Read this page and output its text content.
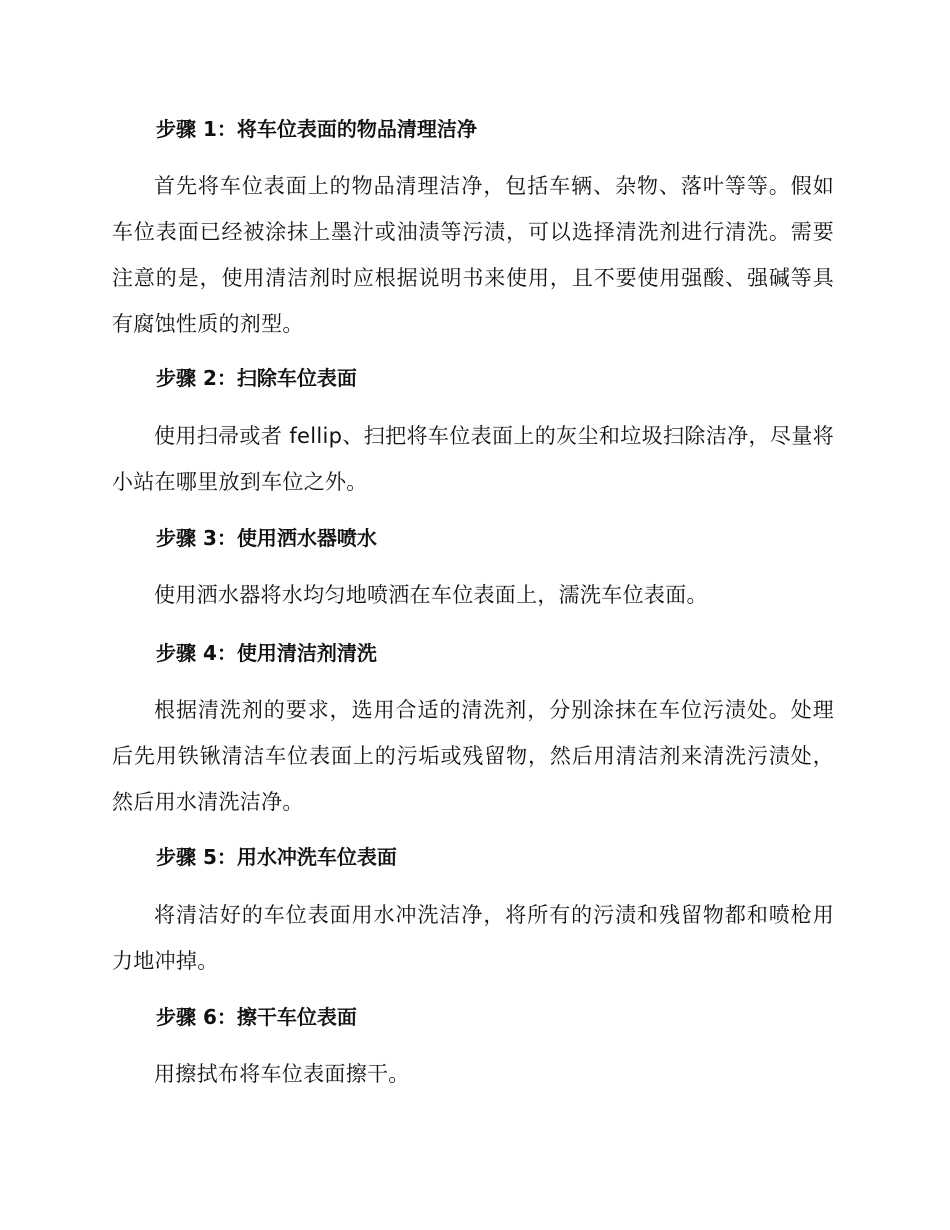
步骤 1：将车位表面的物品清理洁净
首先将车位表面上的物品清理洁净，包括车辆、杂物、落叶等等。假如车位表面已经被涂抹上墨汁或油渍等污渍，可以选择清洗剂进行清洗。需要注意的是，使用清洁剂时应根据说明书来使用，且不要使用强酸、强碱等具有腐蚀性质的剂型。
步骤 2：扫除车位表面
使用扫帚或者 fellip、扫把将车位表面上的灰尘和垃圾扫除洁净，尽量将小站在哪里放到车位之外。
步骤 3：使用洒水器喷水
使用洒水器将水均匀地喷洒在车位表面上，濡洗车位表面。
步骤 4：使用清洁剂清洗
根据清洗剂的要求，选用合适的清洗剂，分别涂抹在车位污渍处。处理后先用铁锹清洁车位表面上的污垢或残留物，然后用清洁剂来清洗污渍处，然后用水清洗洁净。
步骤 5：用水冲洗车位表面
将清洁好的车位表面用水冲洗洁净，将所有的污渍和残留物都和喷枪用力地冲掉。
步骤 6：擦干车位表面
用擦拭布将车位表面擦干。
